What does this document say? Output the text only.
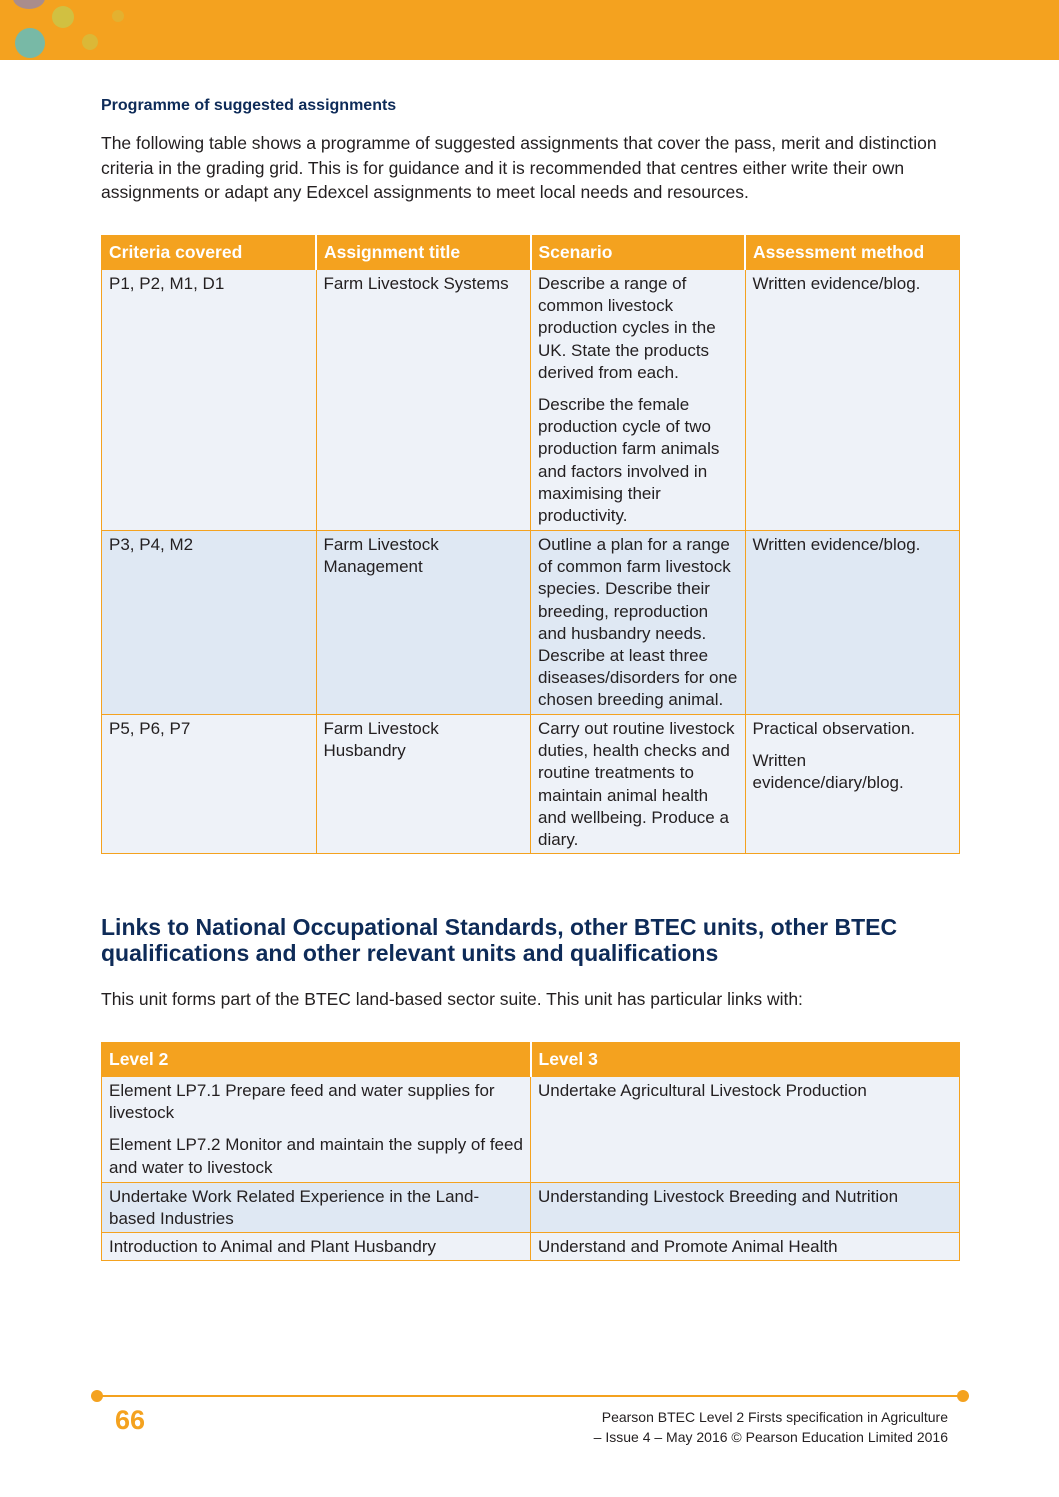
Programme of suggested assignments
The following table shows a programme of suggested assignments that cover the pass, merit and distinction criteria in the grading grid. This is for guidance and it is recommended that centres either write their own assignments or adapt any Edexcel assignments to meet local needs and resources.
Criteria covered	Assignment title	Scenario	Assessment method
P1, P2, M1, D1	Farm Livestock Systems	Describe a range of common livestock production cycles in the UK. State the products derived from each.

Describe the female production cycle of two production farm animals and factors involved in maximising their productivity.	Written evidence/blog.

P3, P4, M2	Farm Livestock Management	Outline a plan for a range of common farm livestock species. Describe their breeding, reproduction and husbandry needs. Describe at least three diseases/disorders for one chosen breeding animal.	Written evidence/blog.

P5, P6, P7	Farm Livestock Husbandry	Carry out routine livestock duties, health checks and routine treatments to maintain animal health and wellbeing. Produce a diary.	Practical observation.

Written evidence/diary/blog.

Links to National Occupational Standards, other BTEC units, other BTEC qualifications and other relevant units and qualifications
This unit forms part of the BTEC land-based sector suite. This unit has particular links with:
Level 2	Level 3

Element LP7.1 Prepare feed and water supplies for livestock

Element LP7.2 Monitor and maintain the supply of feed and water to livestock	Undertake Agricultural Livestock Production

Undertake Work Related Experience in the Land-based Industries	Understanding Livestock Breeding and Nutrition

Introduction to Animal and Plant Husbandry	Understand and Promote Animal Health

66	Pearson BTEC Level 2 Firsts specification in Agriculture
– Issue 4 – May 2016 © Pearson Education Limited 2016
